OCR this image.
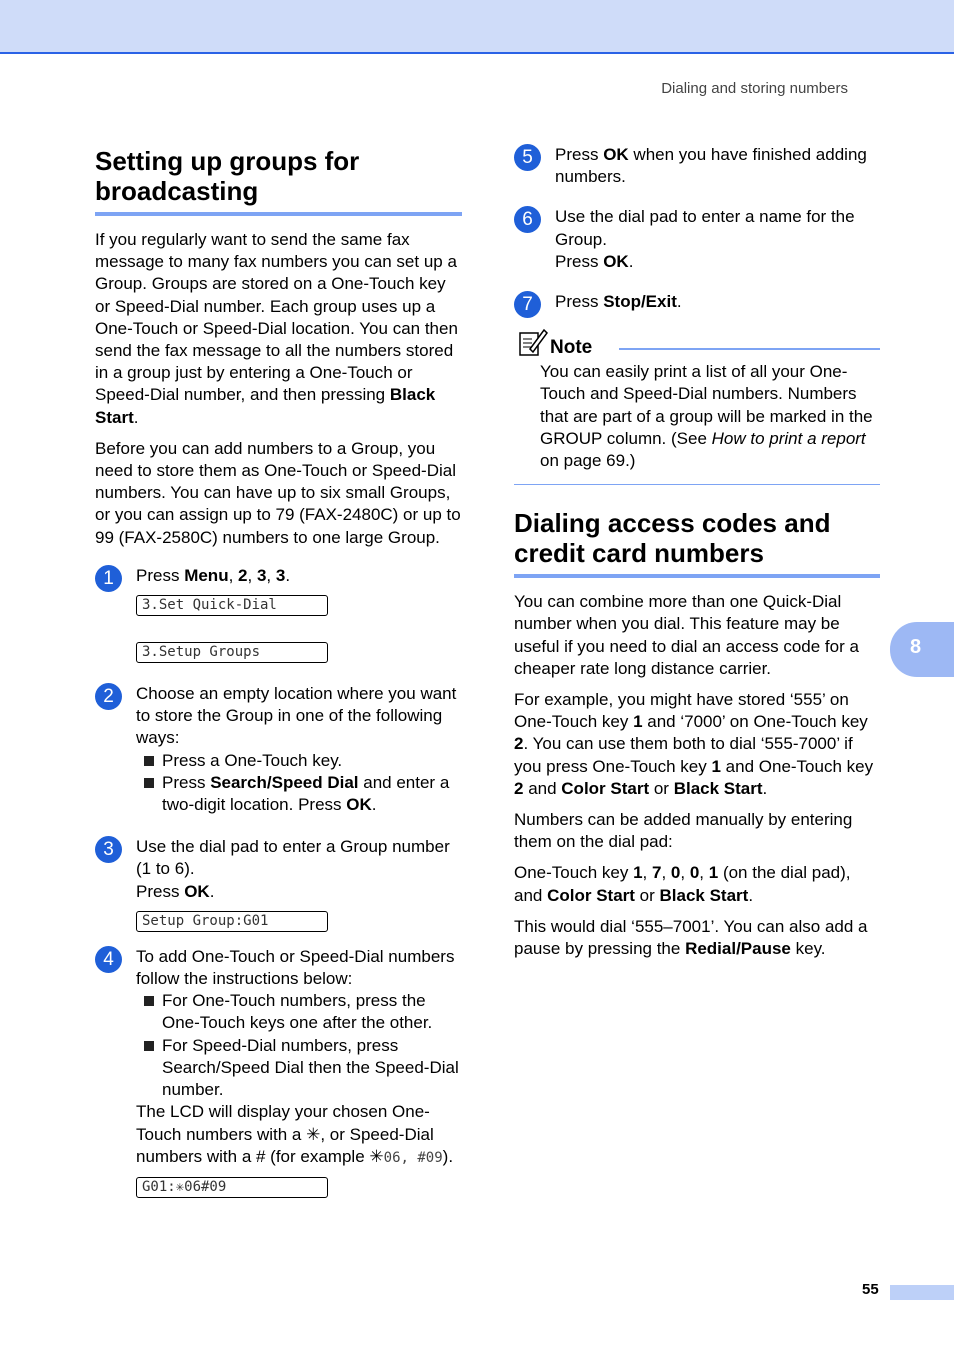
Dialing and storing numbers
Setting up groups for broadcasting

If you regularly want to send the same fax message to many fax numbers you can set up a Group. Groups are stored on a One-Touch key or Speed-Dial number. Each group uses up a One-Touch or Speed-Dial location. You can then send the fax message to all the numbers stored in a group just by entering a One-Touch or Speed-Dial number, and then pressing Black Start.

Before you can add numbers to a Group, you need to store them as One-Touch or Speed-Dial numbers. You can have up to six small Groups, or you can assign up to 79 (FAX-2480C) or up to 99 (FAX-2580C) numbers to one large Group.

1	Press Menu, 2, 3, 3.
3.Set Quick-Dial
3.Setup Groups
2	Choose an empty location where you want to store the Group in one of the following ways:
Press a One-Touch key.
Press Search/Speed Dial and enter a two-digit location. Press OK.
3	Use the dial pad to enter a Group number (1 to 6).
Press OK.
Setup Group:G01
4	To add One-Touch or Speed-Dial numbers follow the instructions below:
For One-Touch numbers, press the One-Touch keys one after the other.
For Speed-Dial numbers, press Search/Speed Dial then the Speed-Dial number.
The LCD will display your chosen One-Touch numbers with a ✳, or Speed-Dial numbers with a # (for example ✳06, #09).
G01:✳06#09
5	Press OK when you have finished adding numbers.
6	Use the dial pad to enter a name for the Group.
Press OK.
7	Press Stop/Exit.
Note
You can easily print a list of all your One-Touch and Speed-Dial numbers. Numbers that are part of a group will be marked in the GROUP column. (See How to print a report on page 69.)
Dialing access codes and credit card numbers

You can combine more than one Quick-Dial number when you dial. This feature may be useful if you need to dial an access code for a cheaper rate long distance carrier.

For example, you might have stored ‘555’ on One-Touch key 1 and ‘7000’ on One-Touch key 2. You can use them both to dial ‘555-7000’ if you press One-Touch key 1 and One-Touch key 2 and Color Start or Black Start.

Numbers can be added manually by entering them on the dial pad:

One-Touch key 1, 7, 0, 0, 1 (on the dial pad), and Color Start or Black Start.

This would dial ‘555–7001’. You can also add a pause by pressing the Redial/Pause key.

8
55
